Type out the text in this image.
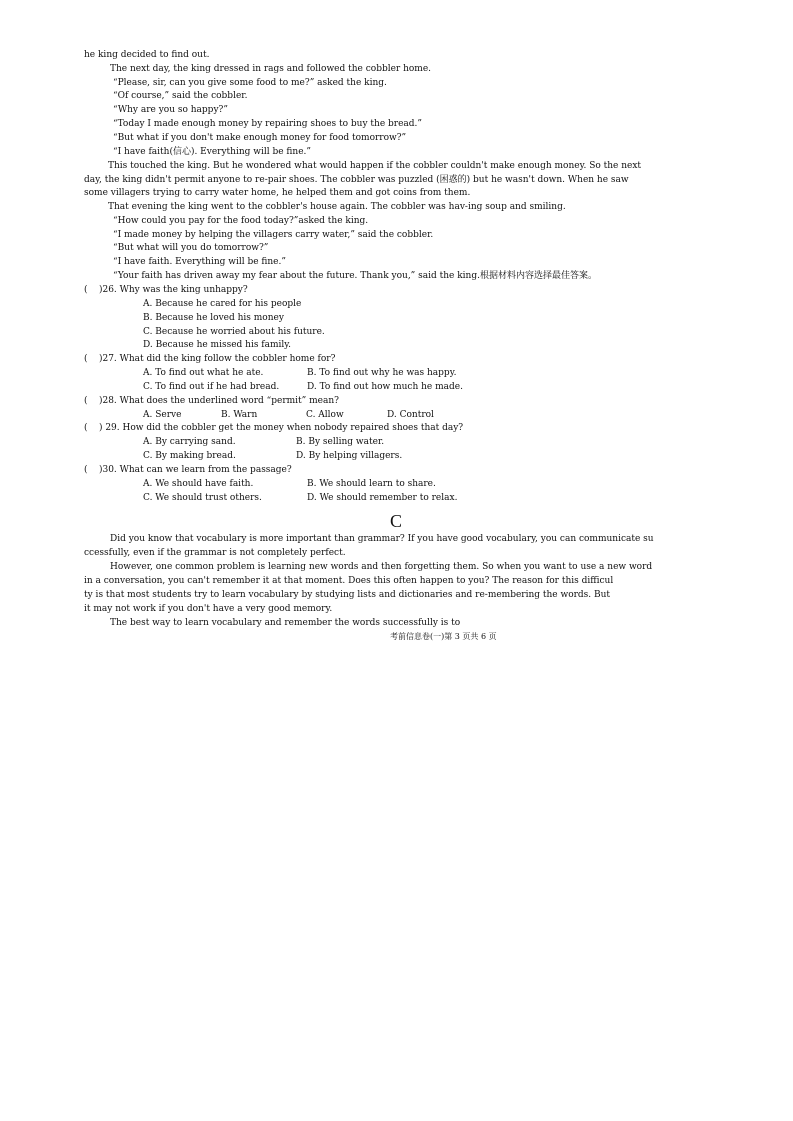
he king decided to find out.
The next day, the king dressed in rags and followed the cobbler home.
“Please, sir, can you give some food to me?” asked the king.
“Of course,” said the cobbler.
“Why are you so happy?”
“Today I made enough money by repairing shoes to buy the bread.”
“But what if you don't make enough money for food tomorrow?”
“I have faith(信心). Everything will be fine.”
This touched the king. But he wondered what would happen if the cobbler couldn't make enough money. So the next
day, the king didn't permit anyone to re-pair shoes. The cobbler was puzzled (困惑的) but he wasn't down. When he saw
some villagers trying to carry water home, he helped them and got coins from them.
That evening the king went to the cobbler's house again. The cobbler was hav-ing soup and smiling.
“How could you pay for the food today?”asked the king.
“I made money by helping the villagers carry water,” said the cobbler.
“But what will you do tomorrow?”
“I have faith. Everything will be fine.”
“Your faith has driven away my fear about the future. Thank you,” said the king.根据材料内容选择最佳答案。
(    )26. Why was the king unhappy?
A. Because he cared for his people
B. Because he loved his money
C. Because he worried about his future.
D. Because he missed his family.
(    )27. What did the king follow the cobbler home for?
A. To find out what he ate.	B. To find out why he was happy.
C. To find out if he had bread.	D. To find out how much he made.
(    )28. What does the underlined word “permit” mean?
A. Serve	B. Warn	C. Allow	D. Control
(    ) 29. How did the cobbler get the money when nobody repaired shoes that day?
A. By carrying sand.	B. By selling water.
C. By making bread.	D. By helping villagers.
(    )30. What can we learn from the passage?
A. We should have faith.	B. We should learn to share.
C. We should trust others.	D. We should remember to relax.
C
Did you know that vocabulary is more important than grammar? If you have good vocabulary, you can communicate su
ccessfully, even if the grammar is not completely perfect.
However, one common problem is learning new words and then forgetting them. So when you want to use a new word
in a conversation, you can't remember it at that moment. Does this often happen to you? The reason for this difficul
ty is that most students try to learn vocabulary by studying lists and dictionaries and re-membering the words. But
it may not work if you don't have a very good memory.
The best way to learn vocabulary and remember the words successfully is to
考前信息卷(一)第 3 页共 6 页
